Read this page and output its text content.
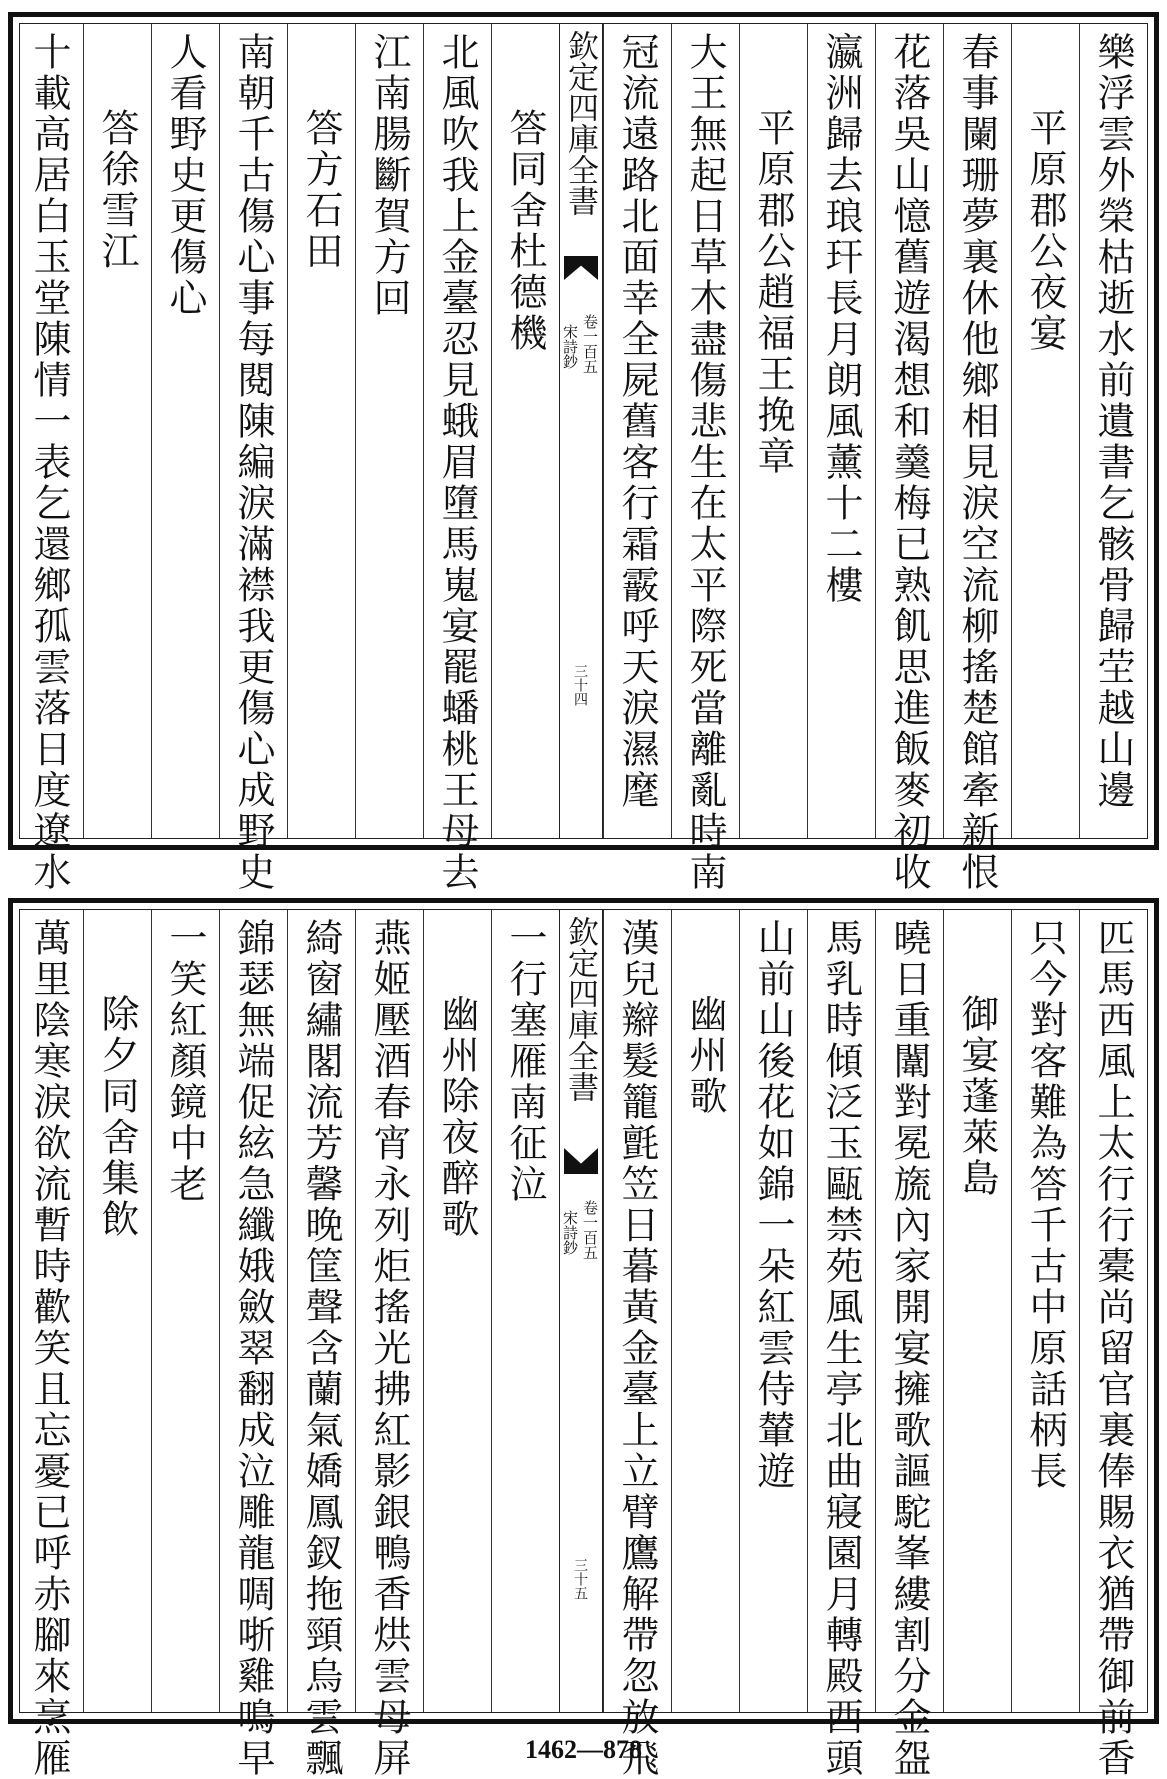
樂浮雲外榮枯逝水前遺書乞骸骨歸茔越山邊
平原郡公夜宴
春事闌珊夢裏休他鄉相見淚空流柳搖楚館牽新恨
花落吳山憶舊遊渴想和羹梅已熟飢思進飯麥初收
瀛洲歸去琅玕長月朗風薰十二樓
平原郡公趙福王挽章
大王無起日草木盡傷悲生在太平際死當離亂時南
冠流遠路北面幸全屍舊客行霜霰呼天淚濕麾
欽定四庫全書
宋詩鈔 卷一百五
三十四
答同舍杜德機
北風吹我上金臺忍見蛾眉墮馬嵬宴罷蟠桃王母去
江南腸斷賀方回
答方石田
南朝千古傷心事每閱陳編淚滿襟我更傷心成野史
人看野史更傷心
答徐雪江
十載高居白玉堂陳情一表乞還鄉孤雲落日度遼水
匹馬西風上太行行橐尚留官裏俸賜衣猶帶御前香
只今對客難為答千古中原話柄長
御宴蓬萊島
曉日重闈對冕旒內家開宴擁歌謳駝峯縷割分金盌
馬乳時傾泛玉甌禁苑風生亭北曲寢園月轉殿西頭
山前山後花如錦一朵紅雲侍輦遊
幽州歌
漢兒辮髮籠氈笠日暮黃金臺上立臂鷹解帶忽放飛
欽定四庫全書
宋詩鈔 卷一百五
三十五
一行塞雁南征泣
幽州除夜醉歌
燕姬壓酒春宵永列炬搖光拂紅影銀鴨香烘雲母屏
綺窗繡閣流芳馨晚筐聲含蘭氣嬌鳳釵拖頸烏雲飄
錦瑟無端促絃急纖娥斂翠翻成泣雕龍啁哳雞鳴早
一笑紅顏鏡中老
除夕同舍集飲
萬里陰寒淚欲流暫時歡笑且忘憂已呼赤腳來烹雁	1462—878
